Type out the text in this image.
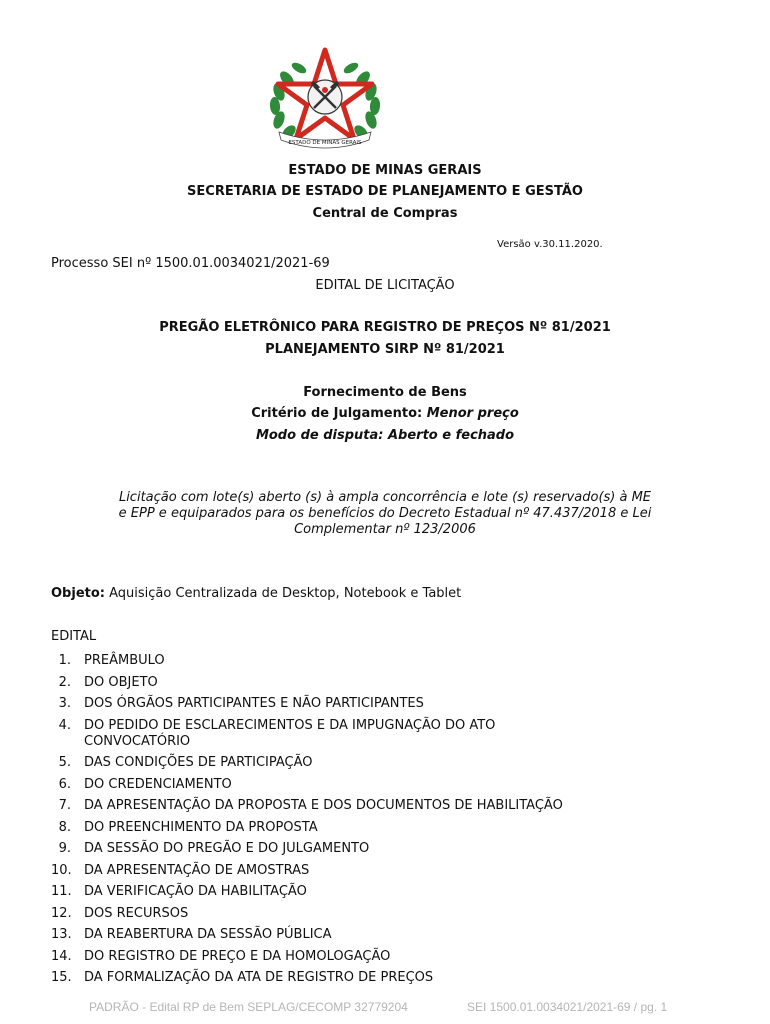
ESTADO DE MINAS GERAIS
ESTADO DE MINAS GERAIS
SECRETARIA DE ESTADO DE PLANEJAMENTO E GESTÃO
Central de Compras
Versão v.30.11.2020.
Processo SEI nº 1500.01.0034021/2021-69
EDITAL DE LICITAÇÃO
PREGÃO ELETRÔNICO PARA REGISTRO DE PREÇOS Nº 81/2021
PLANEJAMENTO SIRP Nº 81/2021
Fornecimento de Bens
Critério de Julgamento: Menor preço
Modo de disputa: Aberto e fechado
Licitação com lote(s) aberto (s) à ampla concorrência e lote (s) reservado(s) à ME
e EPP e equiparados para os benefícios do Decreto Estadual nº 47.437/2018 e Lei
Complementar nº 123/2006
Objeto: Aquisição Centralizada de Desktop, Notebook e Tablet
EDITAL
1. PREÂMBULO
2. DO OBJETO
3. DOS ÓRGÃOS PARTICIPANTES E NÃO PARTICIPANTES
4. DO PEDIDO DE ESCLARECIMENTOS E DA IMPUGNAÇÃO DO ATO CONVOCATÓRIO
5. DAS CONDIÇÕES DE PARTICIPAÇÃO
6. DO CREDENCIAMENTO
7. DA APRESENTAÇÃO DA PROPOSTA E DOS DOCUMENTOS DE HABILITAÇÃO
8. DO PREENCHIMENTO DA PROPOSTA
9. DA SESSÃO DO PREGÃO E DO JULGAMENTO
10. DA APRESENTAÇÃO DE AMOSTRAS
11. DA VERIFICAÇÃO DA HABILITAÇÃO
12. DOS RECURSOS
13. DA REABERTURA DA SESSÃO PÚBLICA
14. DO REGISTRO DE PREÇO E DA HOMOLOGAÇÃO
15. DA FORMALIZAÇÃO DA ATA DE REGISTRO DE PREÇOS
PADRÃO - Edital RP de Bem SEPLAG/CECOMP 32779204	SEI 1500.01.0034021/2021-69 / pg. 1
